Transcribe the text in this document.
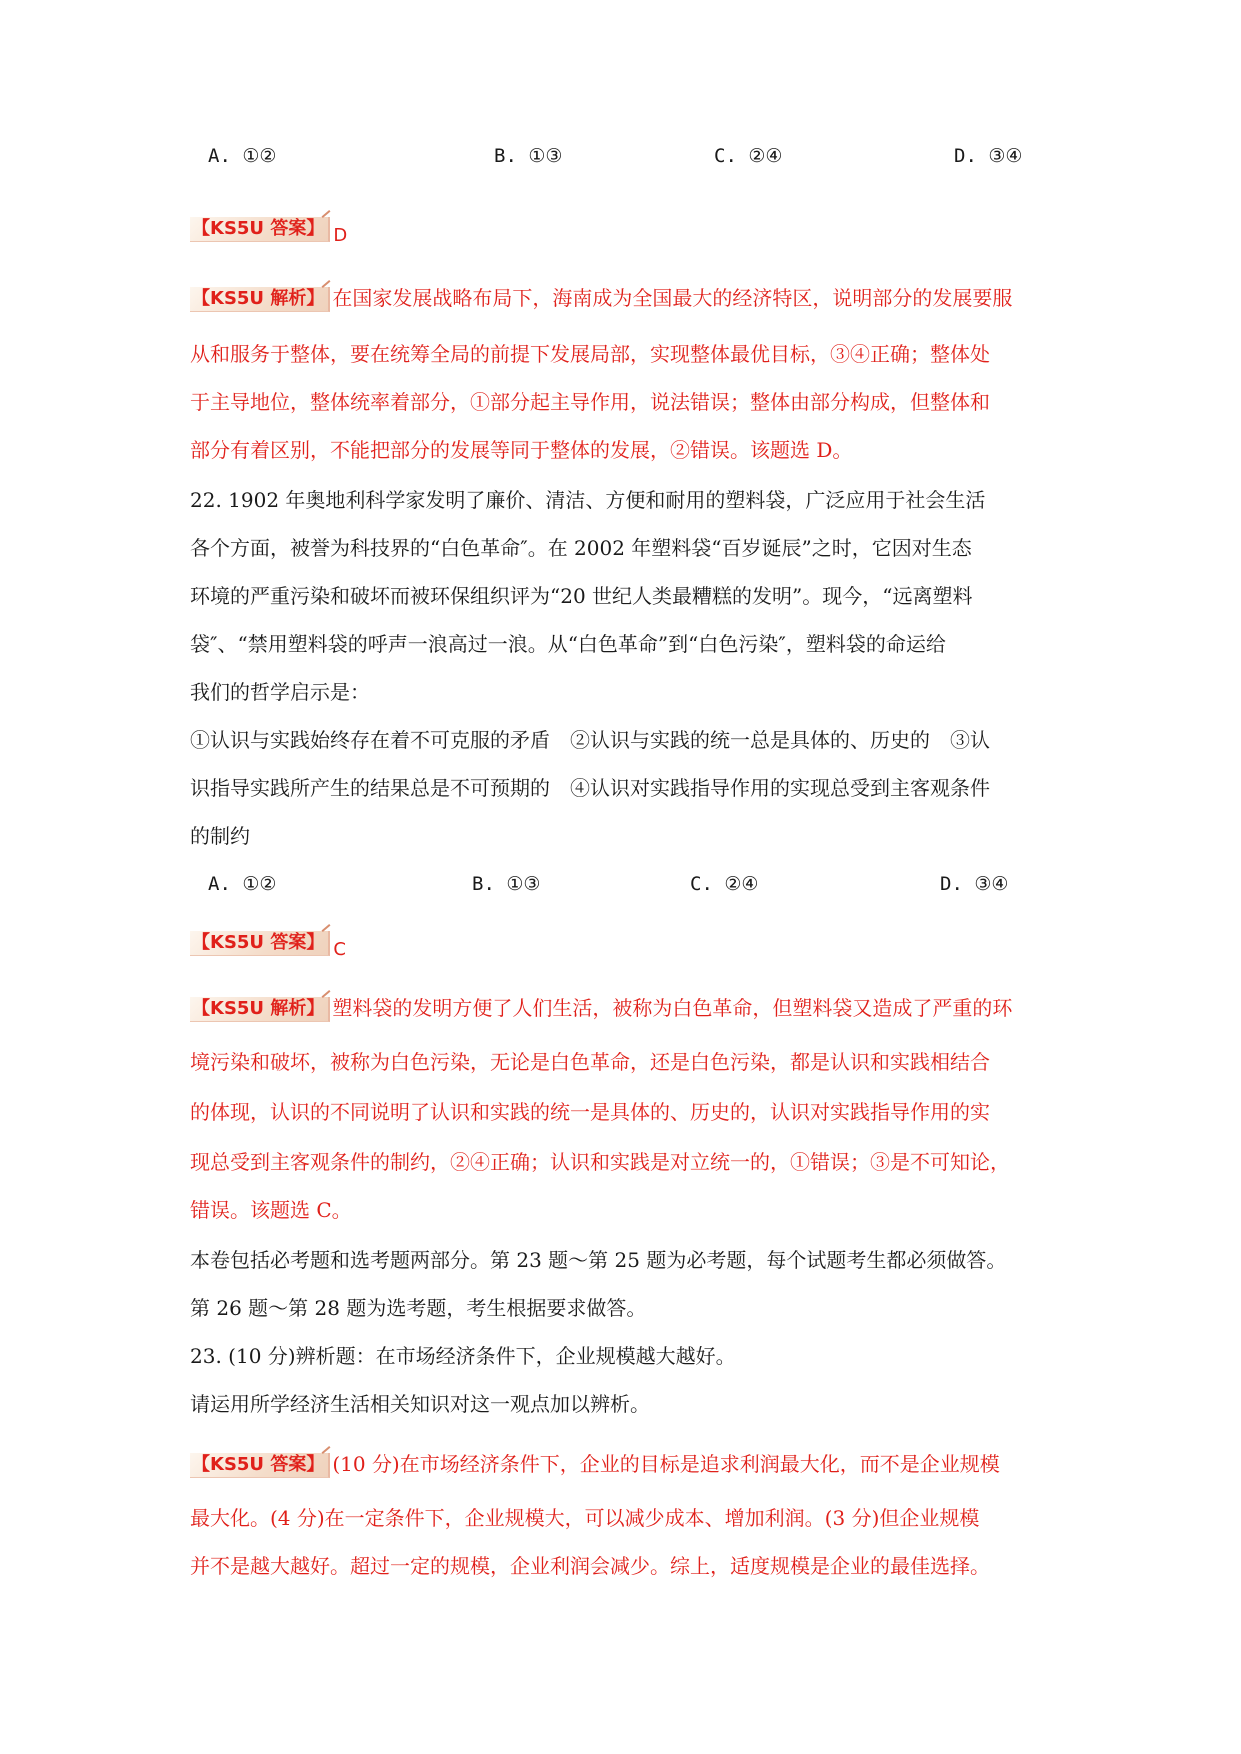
A. ①②	B. ①③	C. ②④	D. ③④
【KS5U 答案】 D
【KS5U 解析】 在国家发展战略布局下，海南成为全国最大的经济特区，说明部分的发展要服
从和服务于整体，要在统筹全局的前提下发展局部，实现整体最优目标，③④正确；整体处
于主导地位，整体统率着部分，①部分起主导作用，说法错误；整体由部分构成，但整体和
部分有着区别，不能把部分的发展等同于整体的发展，②错误。该题选 D。
22. 1902 年奥地利科学家发明了廉价、清洁、方便和耐用的塑料袋，广泛应用于社会生活
各个方面，被誉为科技界的“白色革命″。在 2002 年塑料袋“百岁诞辰”之时，它因对生态
环境的严重污染和破坏而被环保组织评为“20 世纪人类最糟糕的发明”。现今，“远离塑料
袋″、“禁用塑料袋的呼声一浪高过一浪。从“白色革命”到“白色污染″，塑料袋的命运给
我们的哲学启示是：
①认识与实践始终存在着不可克服的矛盾　②认识与实践的统一总是具体的、历史的　③认
识指导实践所产生的结果总是不可预期的　④认识对实践指导作用的实现总受到主客观条件
的制约
A. ①②	B. ①③	C. ②④	D. ③④
【KS5U 答案】 C
【KS5U 解析】 塑料袋的发明方便了人们生活，被称为白色革命，但塑料袋又造成了严重的环
境污染和破坏，被称为白色污染，无论是白色革命，还是白色污染，都是认识和实践相结合
的体现，认识的不同说明了认识和实践的统一是具体的、历史的，认识对实践指导作用的实
现总受到主客观条件的制约，②④正确；认识和实践是对立统一的，①错误；③是不可知论，
错误。该题选 C。
本卷包括必考题和选考题两部分。第 23 题～第 25 题为必考题，每个试题考生都必须做答。
第 26 题～第 28 题为选考题，考生根据要求做答。
23. (10 分)辨析题：在市场经济条件下，企业规模越大越好。
请运用所学经济生活相关知识对这一观点加以辨析。
【KS5U 答案】 (10 分)在市场经济条件下，企业的目标是追求利润最大化，而不是企业规模
最大化。(4 分)在一定条件下，企业规模大，可以减少成本、增加利润。(3 分)但企业规模
并不是越大越好。超过一定的规模，企业利润会减少。综上，适度规模是企业的最佳选择。
